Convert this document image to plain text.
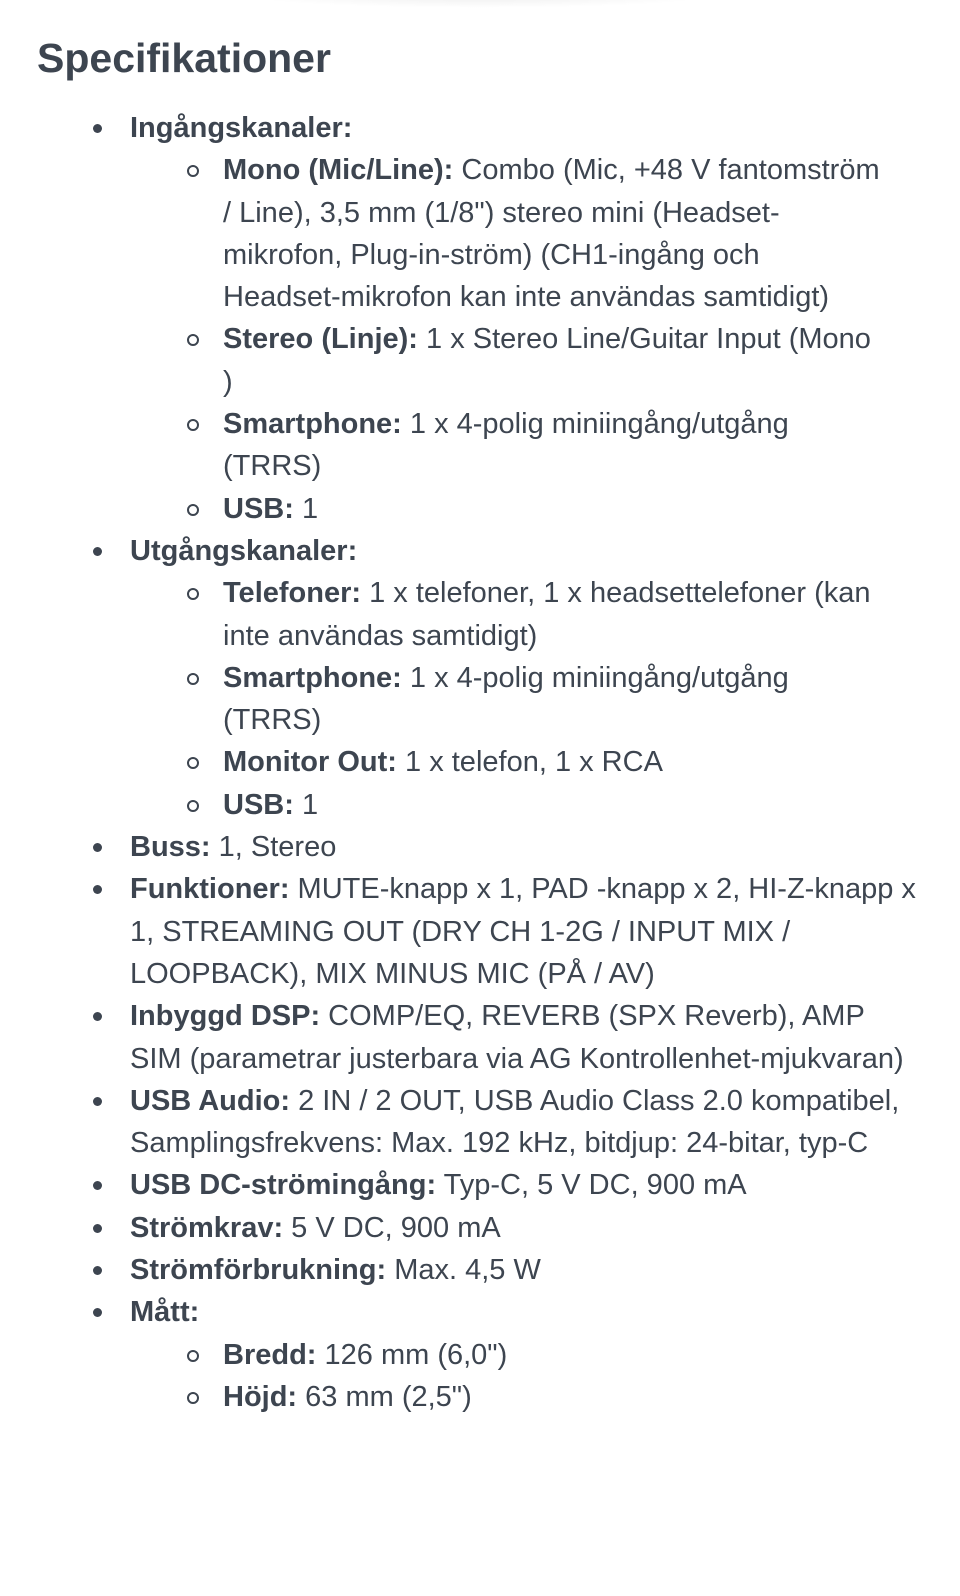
Specifikationer
Ingångskanaler:
Mono (Mic/Line): Combo (Mic, +48 V fantomström / Line), 3,5 mm (1/8") stereo mini (Headset-mikrofon, Plug-in-ström) (CH1-ingång och Headset-mikrofon kan inte användas samtidigt)
Stereo (Linje): 1 x Stereo Line/Guitar Input (Mono )
Smartphone: 1 x 4-polig miniingång/utgång (TRRS)
USB: 1
Utgångskanaler:
Telefoner: 1 x telefoner, 1 x headsettelefoner (kan inte användas samtidigt)
Smartphone: 1 x 4-polig miniingång/utgång (TRRS)
Monitor Out: 1 x telefon, 1 x RCA
USB: 1
Buss: 1, Stereo
Funktioner: MUTE-knapp x 1, PAD -knapp x 2, HI-Z-knapp x 1, STREAMING OUT (DRY CH 1-2G / INPUT MIX / LOOPBACK), MIX MINUS MIC (PÅ / AV)
Inbyggd DSP: COMP/EQ, REVERB (SPX Reverb), AMP SIM (parametrar justerbara via AG Kontrollenhet-mjukvaran)
USB Audio: 2 IN / 2 OUT, USB Audio Class 2.0 kompatibel, Samplingsfrekvens: Max. 192 kHz, bitdjup: 24-bitar, typ-C
USB DC-strömingång: Typ-C, 5 V DC, 900 mA
Strömkrav: 5 V DC, 900 mA
Strömförbrukning: Max. 4,5 W
Mått:
Bredd: 126 mm (6,0")
Höjd: 63 mm (2,5")
